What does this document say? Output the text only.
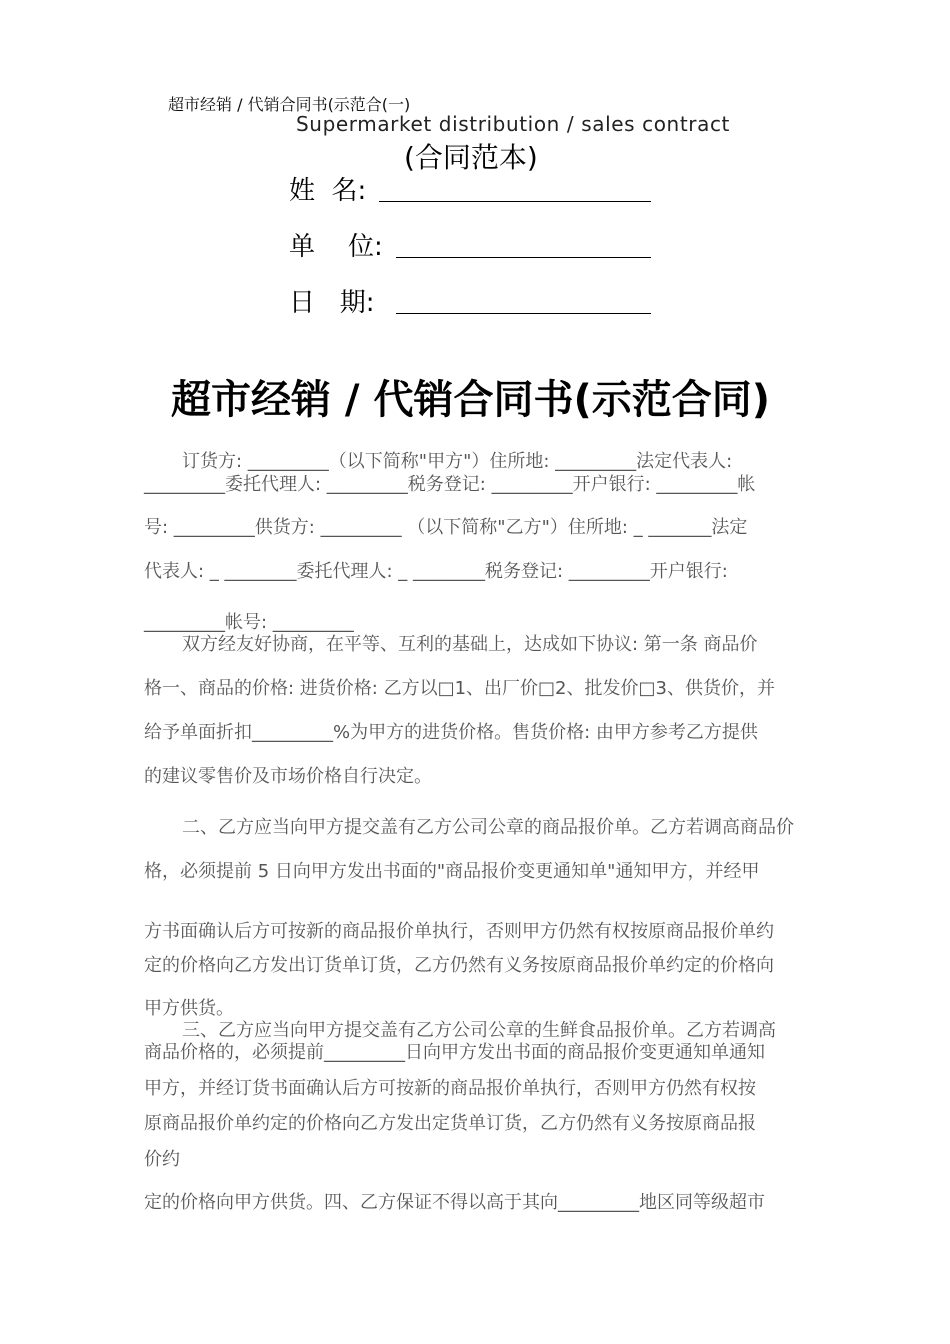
超市经销 / 代销合同书(示范合(一)
Supermarket distribution / sales contract
(合同范本)
姓  名:
单    位:
日   期:
超市经销 / 代销合同书(示范合同)
订货方: _________（以下简称"甲方"）住所地: _________法定代表人:
_________委托代理人: _________税务登记: _________开户银行: _________帐
号: _________供货方: _________ （以下简称"乙方"）住所地: _ _______法定
代表人: _ ________委托代理人: _ ________税务登记: _________开户银行:
_________帐号: _________
双方经友好协商，在平等、互利的基础上，达成如下协议: 第一条 商品价
格一、商品的价格: 进货价格: 乙方以□1、出厂价□2、批发价□3、供货价，并
给予单面折扣_________%为甲方的进货价格。售货价格: 由甲方参考乙方提供
的建议零售价及市场价格自行决定。
二、乙方应当向甲方提交盖有乙方公司公章的商品报价单。乙方若调高商品价
格，必须提前 5 日向甲方发出书面的"商品报价变更通知单"通知甲方，并经甲
方书面确认后方可按新的商品报价单执行，否则甲方仍然有权按原商品报价单约
定的价格向乙方发出订货单订货，乙方仍然有义务按原商品报价单约定的价格向
甲方供货。
三、乙方应当向甲方提交盖有乙方公司公章的生鲜食品报价单。乙方若调高
商品价格的，必须提前_________日向甲方发出书面的商品报价变更通知单通知
甲方，并经订货书面确认后方可按新的商品报价单执行，否则甲方仍然有权按
原商品报价单约定的价格向乙方发出定货单订货，乙方仍然有义务按原商品报
价约
定的价格向甲方供货。四、乙方保证不得以高于其向_________地区同等级超市
